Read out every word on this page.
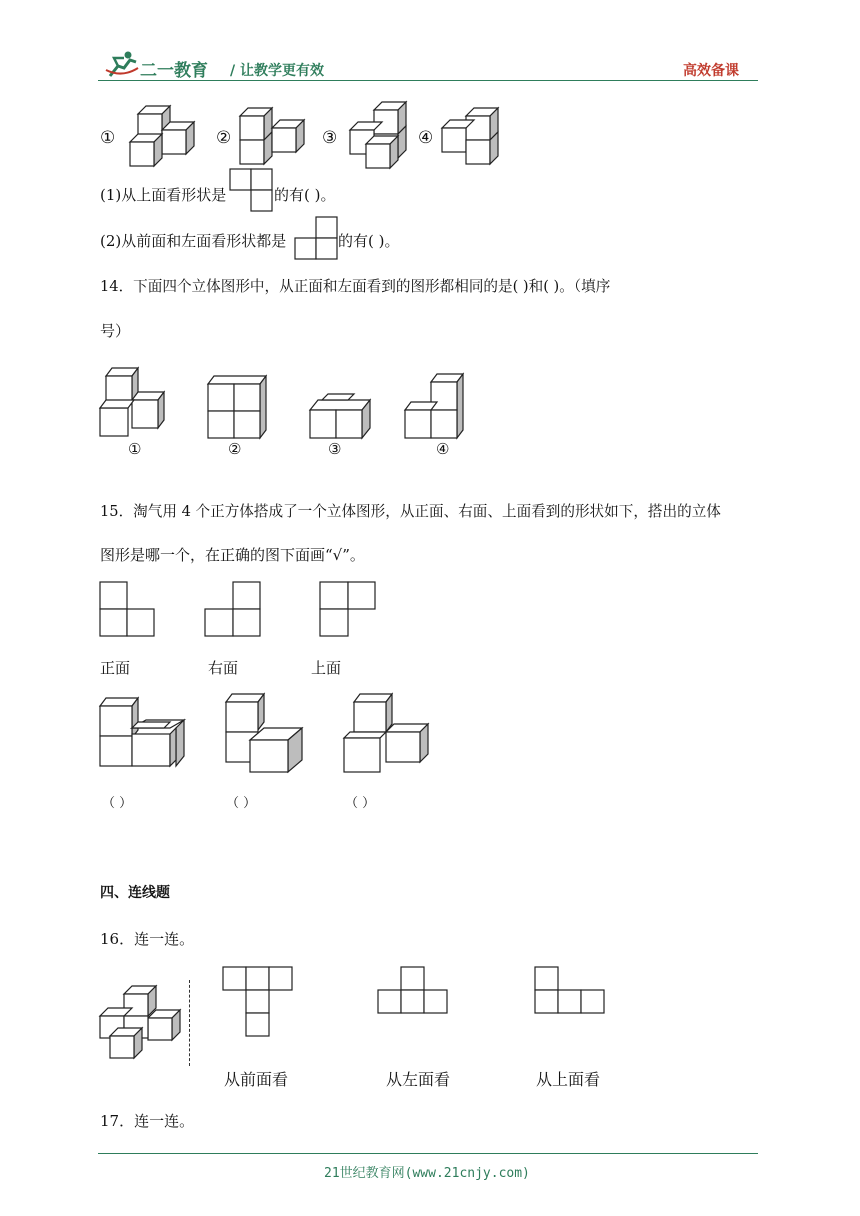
二一教育 / 让教学更有效	高效备课
①	②	③	④
(1)从上面看形状是	的有( )。
(2)从前面和左面看形状都是	的有( )。
14．下面四个立体图形中，从正面和左面看到的图形都相同的是( )和( )。（填序
号）
①	②	③	④
15．淘气用 4 个正方体搭成了一个立体图形，从正面、右面、上面看到的形状如下，搭出的立体
图形是哪一个，在正确的图下面画“√”。
正面	右面	上面
（ ）	（ ）	（ ）
四、连线题
16．连一连。
从前面看	从左面看	从上面看
17．连一连。
21世纪教育网(www.21cnjy.com)
